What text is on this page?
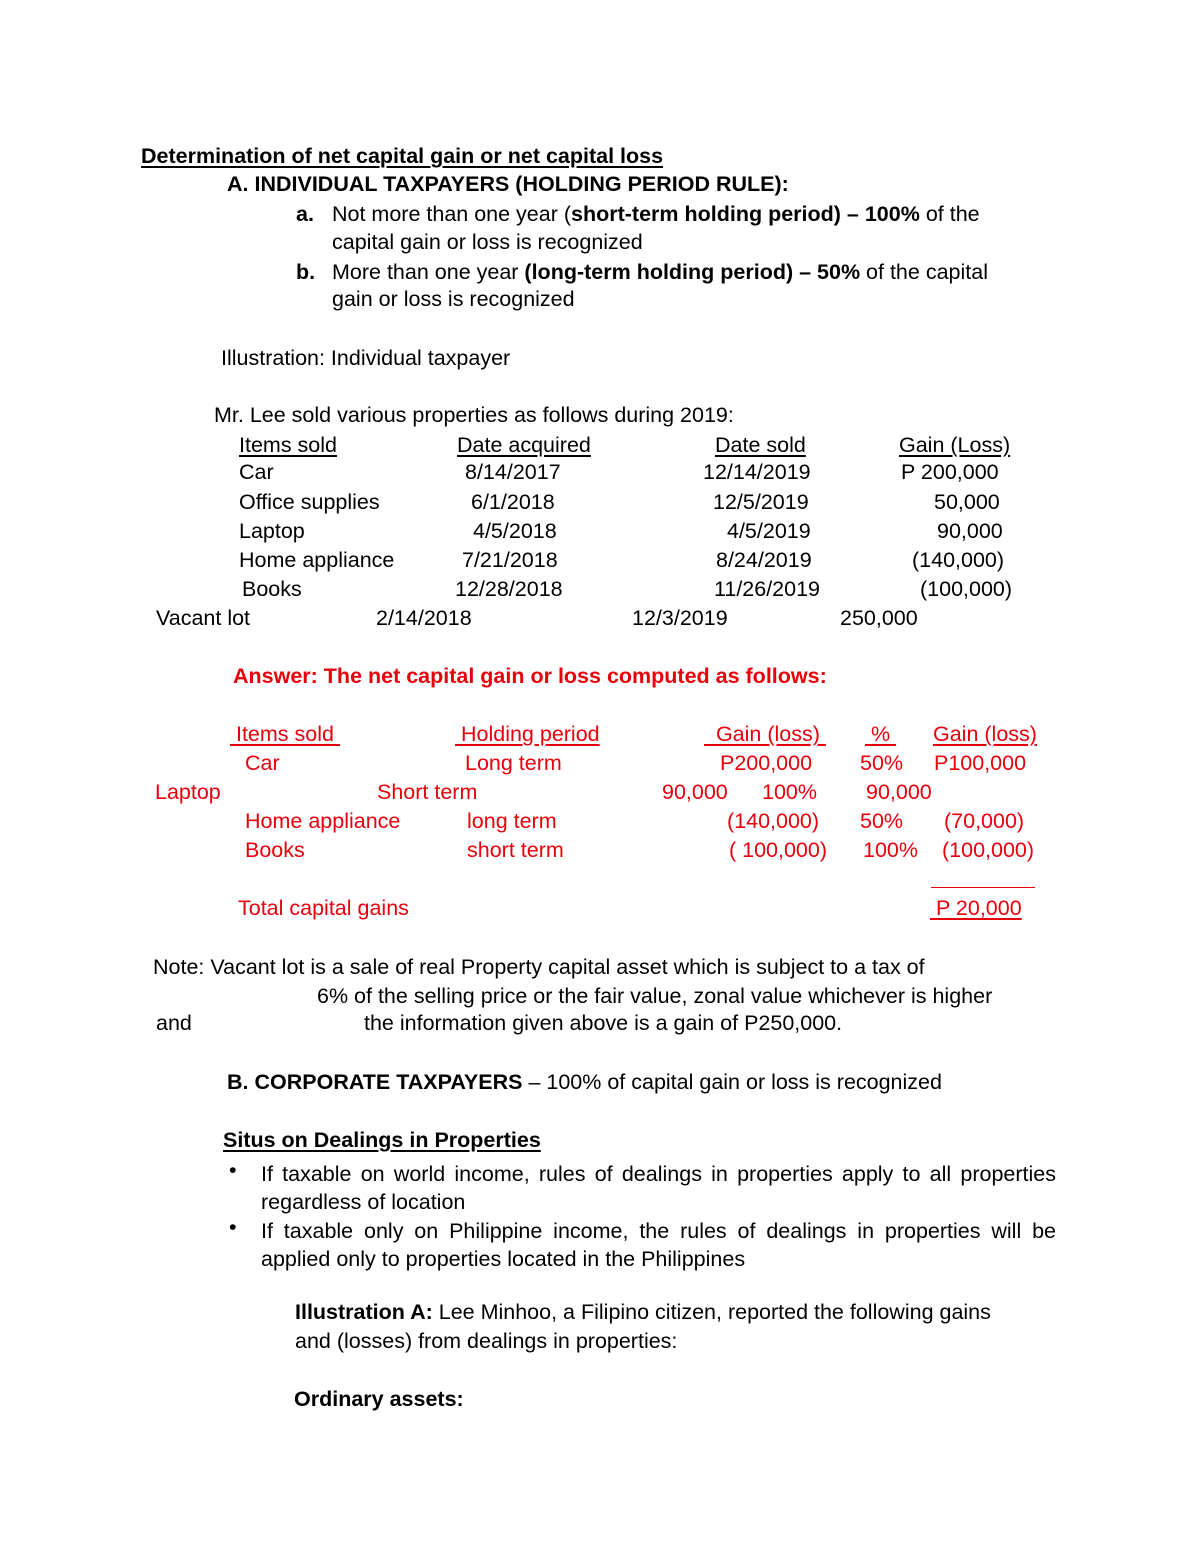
Determination of net capital gain or net capital loss
A. INDIVIDUAL TAXPAYERS (HOLDING PERIOD RULE):
a. Not more than one year (short-term holding period) – 100% of the
capital gain or loss is recognized
b. More than one year (long-term holding period) – 50% of the capital
gain or loss is recognized
Illustration: Individual taxpayer
Mr. Lee sold various properties as follows during 2019:
Items sold	Date acquired	Date sold	Gain (Loss)
Car	8/14/2017	12/14/2019	P 200,000
Office supplies	6/1/2018	12/5/2019	50,000
Laptop	4/5/2018	4/5/2019	90,000
Home appliance	7/21/2018	8/24/2019	(140,000)
Books	12/28/2018	11/26/2019	(100,000)
Vacant lot	2/14/2018	12/3/2019	250,000
Answer: The net capital gain or loss computed as follows:
Items sold	Holding period	Gain (loss) % Gain (loss)
Car	Long term	P200,000 50% P100,000
Laptop	Short term	90,000 100% 90,000
Home appliance	long term	(140,000) 50% (70,000)
Books	short term	( 100,000) 100% (100,000)
Total capital gains	P 20,000
Note: Vacant lot is a sale of real Property capital asset which is subject to a tax of
6% of the selling price or the fair value, zonal value whichever is higher
and	the information given above is a gain of P250,000.
B. CORPORATE TAXPAYERS – 100% of capital gain or loss is recognized
Situs on Dealings in Properties
• If taxable on world income, rules of dealings in properties apply to all properties regardless of location
• If taxable only on Philippine income, the rules of dealings in properties will be applied only to properties located in the Philippines
Illustration A: Lee Minhoo, a Filipino citizen, reported the following gains
and (losses) from dealings in properties:
Ordinary assets:
